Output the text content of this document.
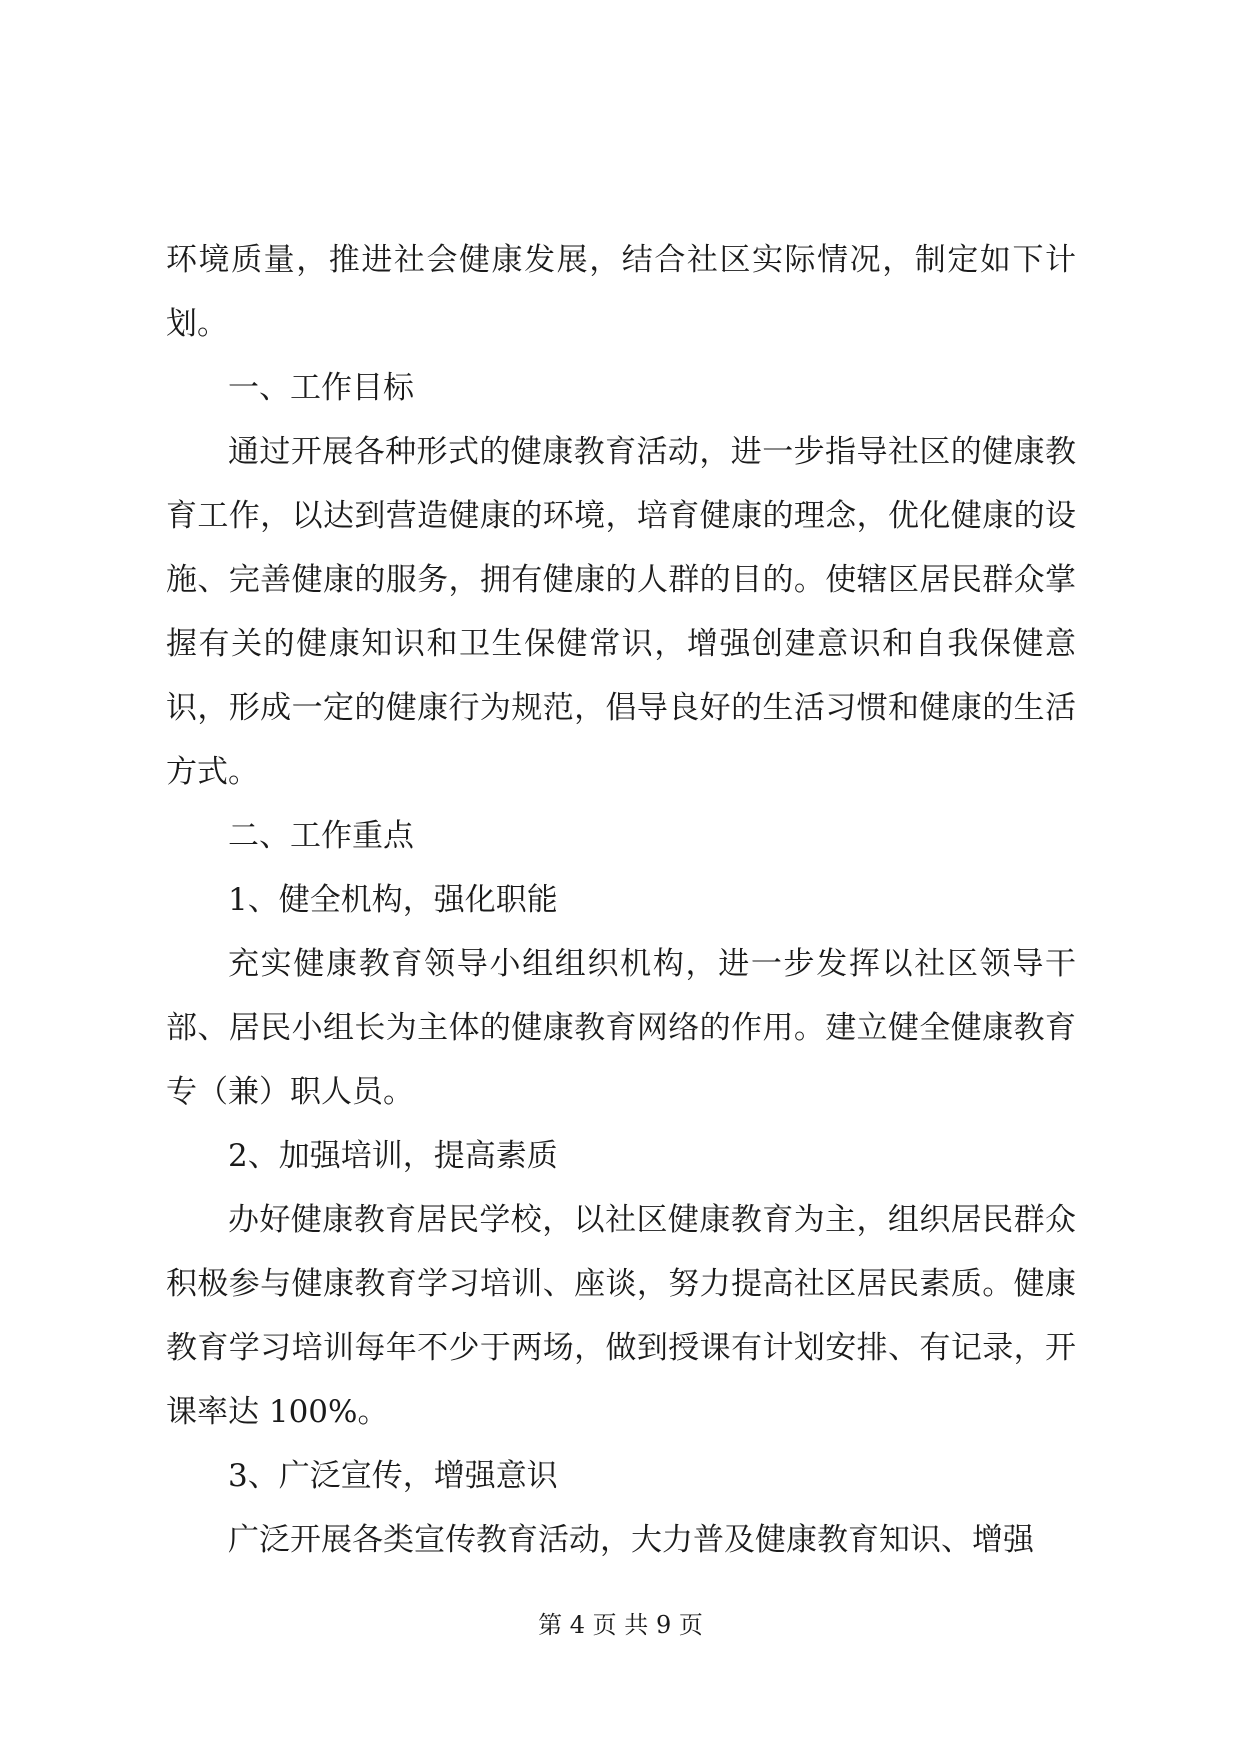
环境质量，推进社会健康发展，结合社区实际情况，制定如下计划。

一、工作目标

通过开展各种形式的健康教育活动，进一步指导社区的健康教育工作，以达到营造健康的环境，培育健康的理念，优化健康的设施、完善健康的服务，拥有健康的人群的目的。使辖区居民群众掌握有关的健康知识和卫生保健常识，增强创建意识和自我保健意识，形成一定的健康行为规范，倡导良好的生活习惯和健康的生活方式。

二、工作重点

1、健全机构，强化职能

充实健康教育领导小组组织机构，进一步发挥以社区领导干部、居民小组长为主体的健康教育网络的作用。建立健全健康教育专（兼）职人员。

2、加强培训，提高素质

办好健康教育居民学校，以社区健康教育为主，组织居民群众积极参与健康教育学习培训、座谈，努力提高社区居民素质。健康教育学习培训每年不少于两场，做到授课有计划安排、有记录，开课率达 100%。

3、广泛宣传，增强意识

广泛开展各类宣传教育活动，大力普及健康教育知识、增强

第 4 页 共 9 页
